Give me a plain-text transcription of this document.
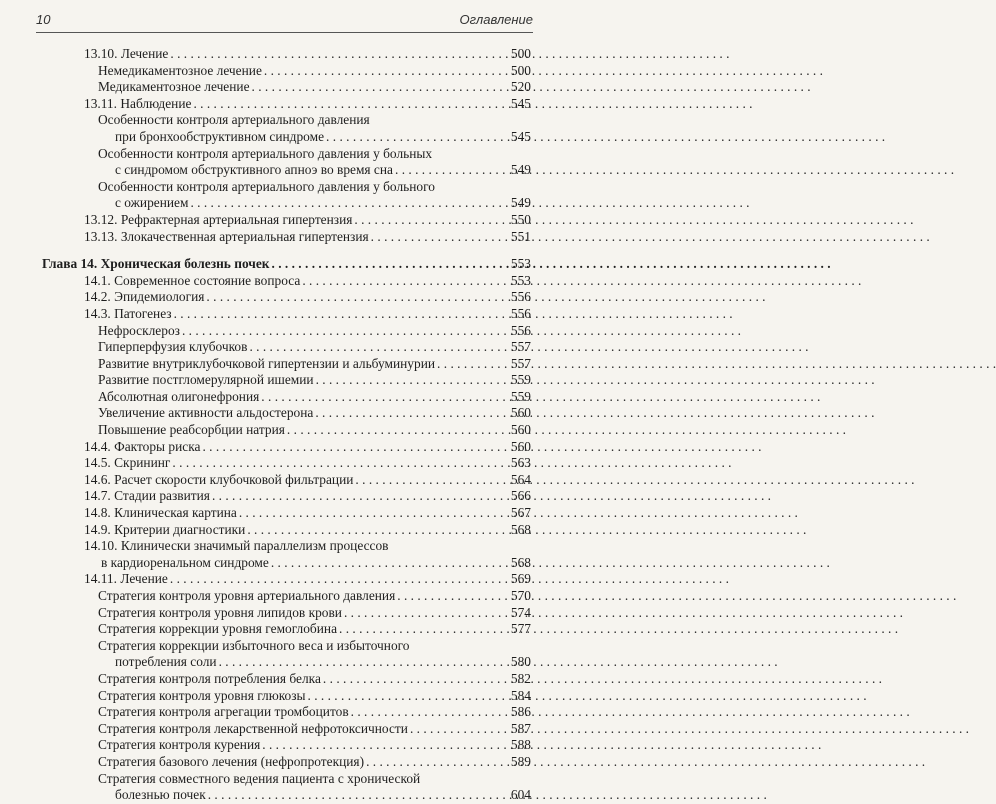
10	Оглавление
13.10. Лечение . . .	500
Немедикаментозное лечение . . .	500
Медикаментозное лечение . . .	520
13.11. Наблюдение . . .	545
Особенности контроля артериального давления
при бронхообструктивном синдроме . . .	545
Особенности контроля артериального давления у больных
с синдромом обструктивного апноэ во время сна . . .	549
Особенности контроля артериального давления у больного
с ожирением . . .	549
13.12. Рефрактерная артериальная гипертензия . . .	550
13.13. Злокачественная артериальная гипертензия . . .	551
Глава 14. Хроническая болезнь почек . . .	553
14.1. Современное состояние вопроса . . .	553
14.2. Эпидемиология . . .	556
14.3. Патогенез . . .	556
Нефросклероз . . .	556
Гиперперфузия клубочков . . .	557
Развитие внутриклубочковой гипертензии и альбуминурии . . .	557
Развитие постгломерулярной ишемии . . .	559
Абсолютная олигонефрония . . .	559
Увеличение активности альдостерона . . .	560
Повышение реабсорбции натрия . . .	560
14.4. Факторы риска . . .	560
14.5. Скрининг . . .	563
14.6. Расчет скорости клубочковой фильтрации . . .	564
14.7. Стадии развития . . .	566
14.8. Клиническая картина . . .	567
14.9. Критерии диагностики . . .	568
14.10. Клинически значимый параллелизм процессов
в кардиоренальном синдроме . . .	568
14.11. Лечение . . .	569
Стратегия контроля уровня артериального давления . . .	570
Стратегия контроля уровня липидов крови . . .	574
Стратегия коррекции уровня гемоглобина . . .	577
Стратегия коррекции избыточного веса и избыточного
потребления соли . . .	580
Стратегия контроля потребления белка . . .	582
Стратегия контроля уровня глюкозы . . .	584
Стратегия контроля агрегации тромбоцитов . . .	586
Стратегия контроля лекарственной нефротоксичности . . .	587
Стратегия контроля курения . . .	588
Стратегия базового лечения (нефропротекция) . . .	589
Стратегия совместного ведения пациента с хронической
болезнью почек . . .	604
